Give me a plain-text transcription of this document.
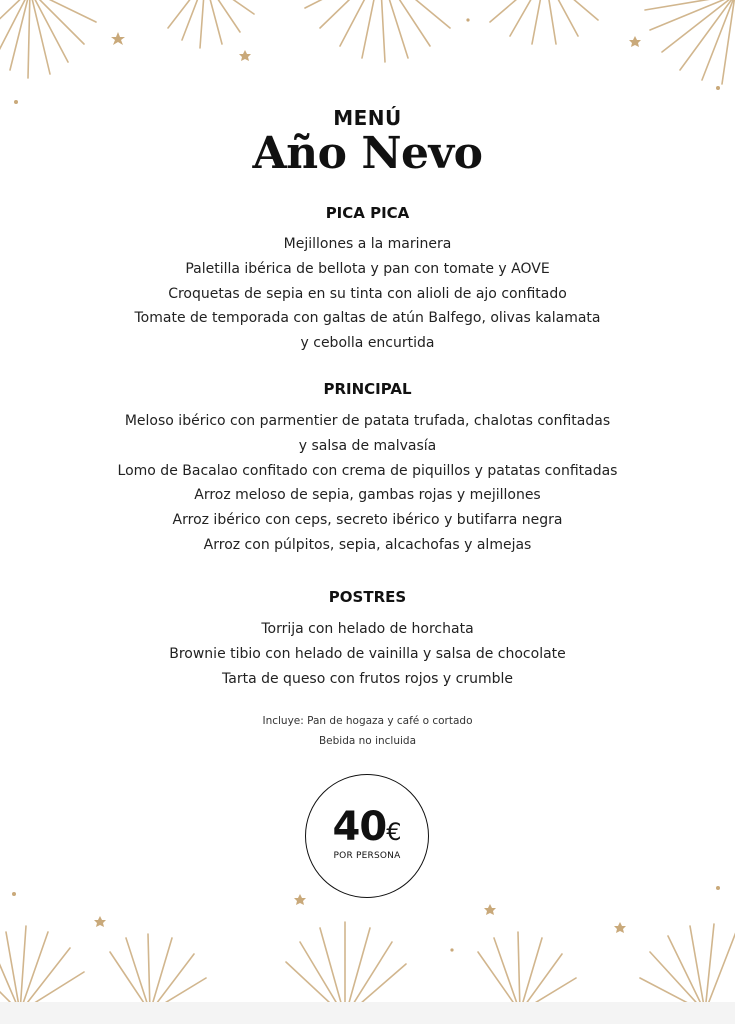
MENÚ
Año Nevo
PICA PICA
Mejillones a la marinera
Paletilla ibérica de bellota y pan con tomate y AOVE
Croquetas de sepia en su tinta con alioli de ajo confitado
Tomate de temporada con galtas de atún Balfego, olivas kalamata
y cebolla encurtida
PRINCIPAL
Meloso ibérico con parmentier de patata trufada, chalotas confitadas
y salsa de malvasía
Lomo de Bacalao confitado con crema de piquillos y patatas confitadas
Arroz meloso de sepia, gambas rojas y mejillones
Arroz ibérico con ceps, secreto ibérico y butifarra negra
Arroz con púlpitos, sepia, alcachofas y almejas
POSTRES
Torrija con helado de horchata
Brownie tibio con helado de vainilla y salsa de chocolate
Tarta de queso con frutos rojos y crumble
Incluye: Pan de hogaza y café o cortado
Bebida no incluida
40€
POR PERSONA
